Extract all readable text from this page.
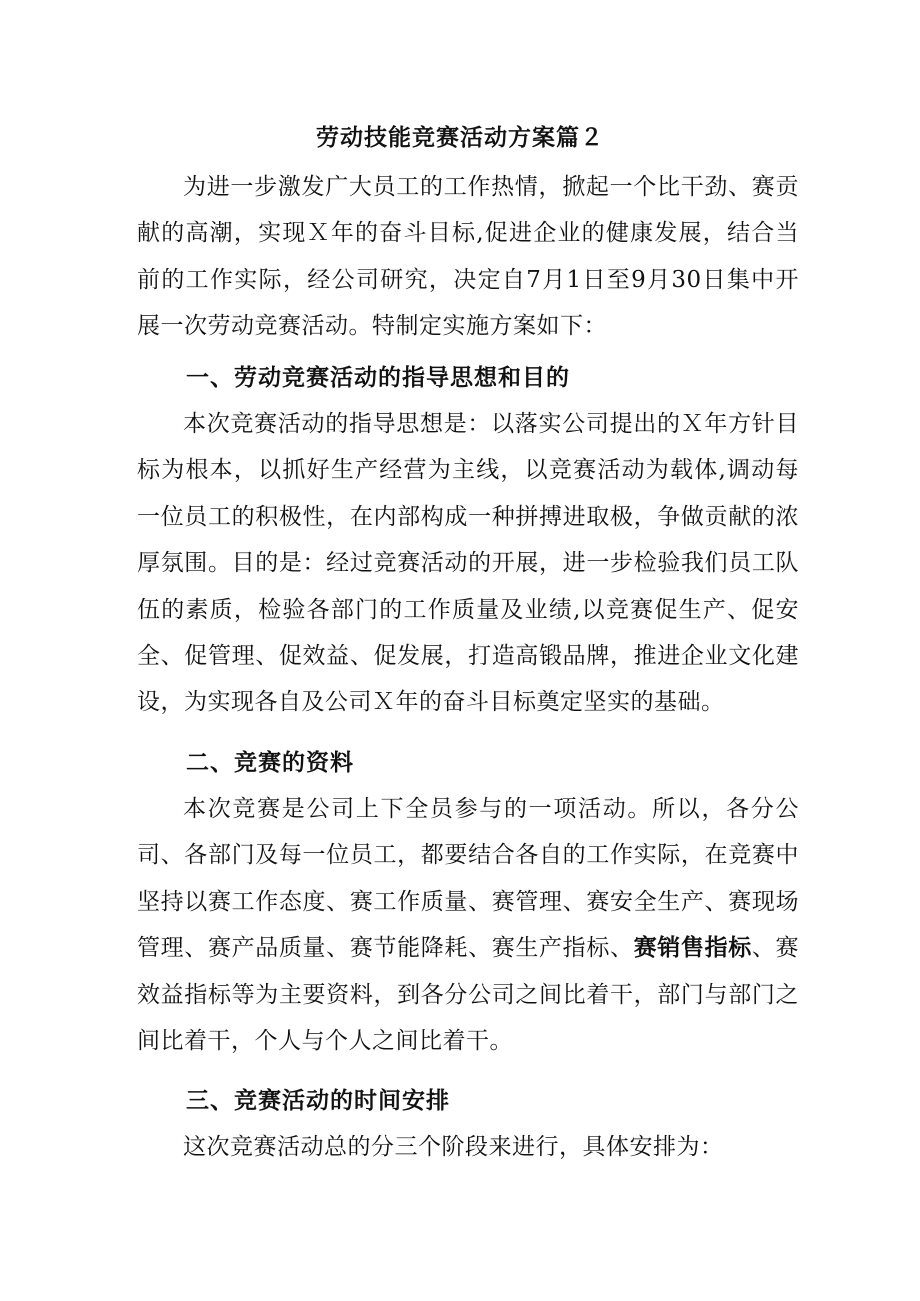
劳动技能竞赛活动方案篇２

为进一步激发广大员工的工作热情，掀起一个比干劲、赛贡献的高潮，实现Ｘ年的奋斗目标,促进企业的健康发展，结合当前的工作实际，经公司研究，决定自7月1日至9月30日集中开展一次劳动竞赛活动。特制定实施方案如下：

一、劳动竞赛活动的指导思想和目的

本次竞赛活动的指导思想是：以落实公司提出的Ｘ年方针目标为根本，以抓好生产经营为主线，以竞赛活动为载体,调动每一位员工的积极性，在内部构成一种拼搏进取极，争做贡献的浓厚氛围。目的是：经过竞赛活动的开展，进一步检验我们员工队伍的素质，检验各部门的工作质量及业绩,以竞赛促生产、促安全、促管理、促效益、促发展，打造高锻品牌，推进企业文化建设，为实现各自及公司Ｘ年的奋斗目标奠定坚实的基础。

二、竞赛的资料

本次竞赛是公司上下全员参与的一项活动。所以，各分公司、各部门及每一位员工，都要结合各自的工作实际，在竞赛中坚持以赛工作态度、赛工作质量、赛管理、赛安全生产、赛现场管理、赛产品质量、赛节能降耗、赛生产指标、赛销售指标、赛效益指标等为主要资料，到各分公司之间比着干，部门与部门之间比着干，个人与个人之间比着干。

三、竞赛活动的时间安排

这次竞赛活动总的分三个阶段来进行，具体安排为：
